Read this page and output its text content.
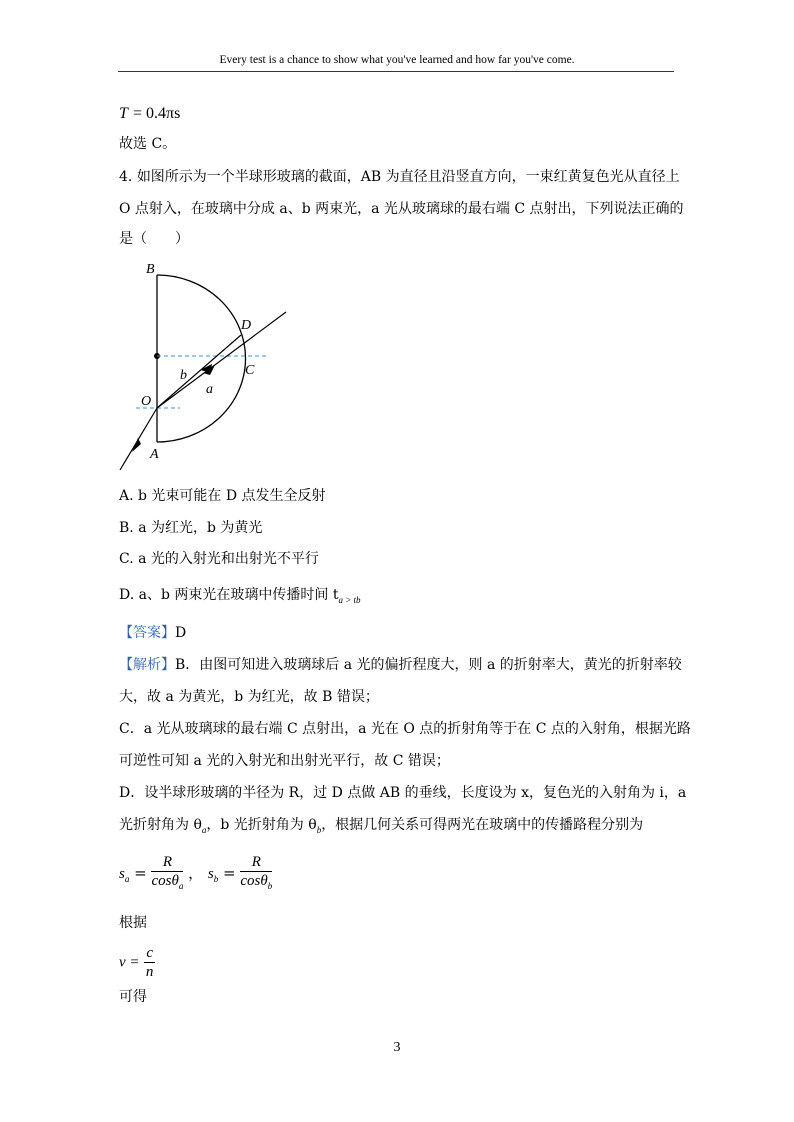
Every test is a chance to show what you've learned and how far you've come.
T = 0.4πs
故选 C。
4. 如图所示为一个半球形玻璃的截面，AB 为直径且沿竖直方向，一束红黄复色光从直径上
O 点射入，在玻璃中分成 a、b 两束光，a 光从玻璃球的最右端 C 点射出，下列说法正确的
是（　　）
B
A
O
D
C
b
a
A. b 光束可能在 D 点发生全反射
B. a 为红光，b 为黄光
C. a 光的入射光和出射光不平行
D. a、b 两束光在玻璃中传播时间 $t_{a > tb}$
【答案】D
【解析】B．由图可知进入玻璃球后 a 光的偏折程度大，则 a 的折射率大，黄光的折射率较
大，故 a 为黄光，b 为红光，故 B 错误；
C．a 光从玻璃球的最右端 C 点射出，a 光在 O 点的折射角等于在 C 点的入射角，根据光路
可逆性可知 a 光的入射光和出射光平行，故 C 错误；
D．设半球形玻璃的半径为 R，过 D 点做 AB 的垂线，长度设为 x，复色光的入射角为 i，a
光折射角为 $\theta_a$，b 光折射角为 $\theta_b$，根据几何关系可得两光在玻璃中的传播路程分别为
$s_a = \frac{R}{\cos\theta_a}$ ， $s_b = \frac{R}{\cos\theta_b}$
根据
$v = \frac{c}{n}$
可得
3
